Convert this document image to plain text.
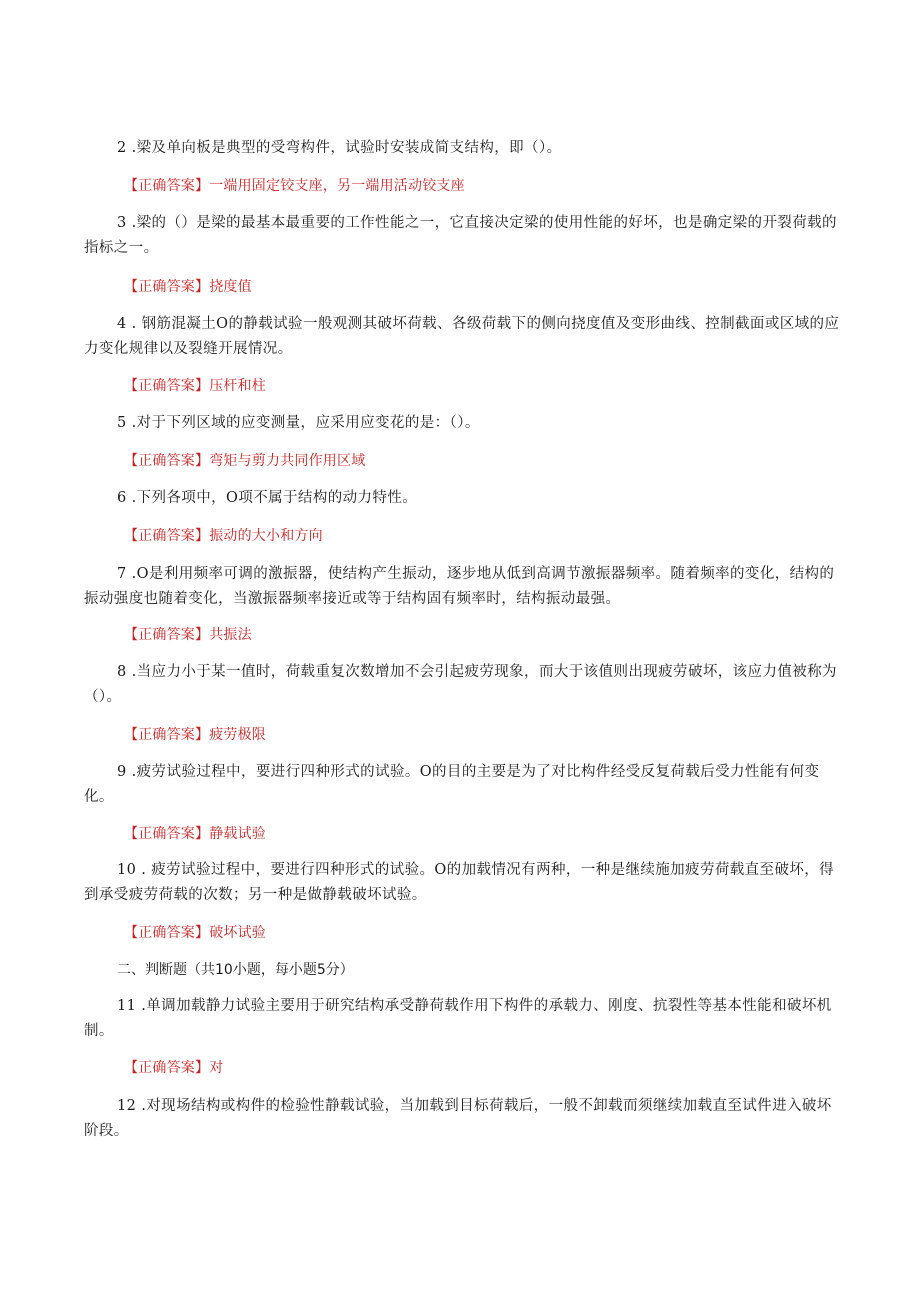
2 .梁及单向板是典型的受弯构件，试验时安装成简支结构，即（）。

【正确答案】一端用固定铰支座，另一端用活动铰支座

3 .梁的（）是梁的最基本最重要的工作性能之一，它直接决定梁的使用性能的好坏，也是确定梁的开裂荷载的指标之一。

【正确答案】挠度值

4 . 钢筋混凝土O的静载试验一般观测其破坏荷载、各级荷载下的侧向挠度值及变形曲线、控制截面或区域的应力变化规律以及裂缝开展情况。

【正确答案】压杆和柱

5 .对于下列区域的应变测量，应采用应变花的是：（）。

【正确答案】弯矩与剪力共同作用区域

6 .下列各项中，O项不属于结构的动力特性。

【正确答案】振动的大小和方向

7 .O是利用频率可调的激振器，使结构产生振动，逐步地从低到高调节激振器频率。随着频率的变化，结构的振动强度也随着变化，当激振器频率接近或等于结构固有频率时，结构振动最强。

【正确答案】共振法

8 .当应力小于某一值时，荷载重复次数增加不会引起疲劳现象，而大于该值则出现疲劳破坏，该应力值被称为（）。

【正确答案】疲劳极限

9 .疲劳试验过程中，要进行四种形式的试验。O的目的主要是为了对比构件经受反复荷载后受力性能有何变化。

【正确答案】静载试验

10 . 疲劳试验过程中，要进行四种形式的试验。O的加载情况有两种，一种是继续施加疲劳荷载直至破坏，得到承受疲劳荷载的次数；另一种是做静载破坏试验。

【正确答案】破坏试验
二、判断题（共10小题，每小题5分）

11 .单调加载静力试验主要用于研究结构承受静荷载作用下构件的承载力、刚度、抗裂性等基本性能和破坏机制。

【正确答案】对

12 .对现场结构或构件的检验性静载试验，当加载到目标荷载后，一般不卸载而须继续加载直至试件进入破坏阶段。
